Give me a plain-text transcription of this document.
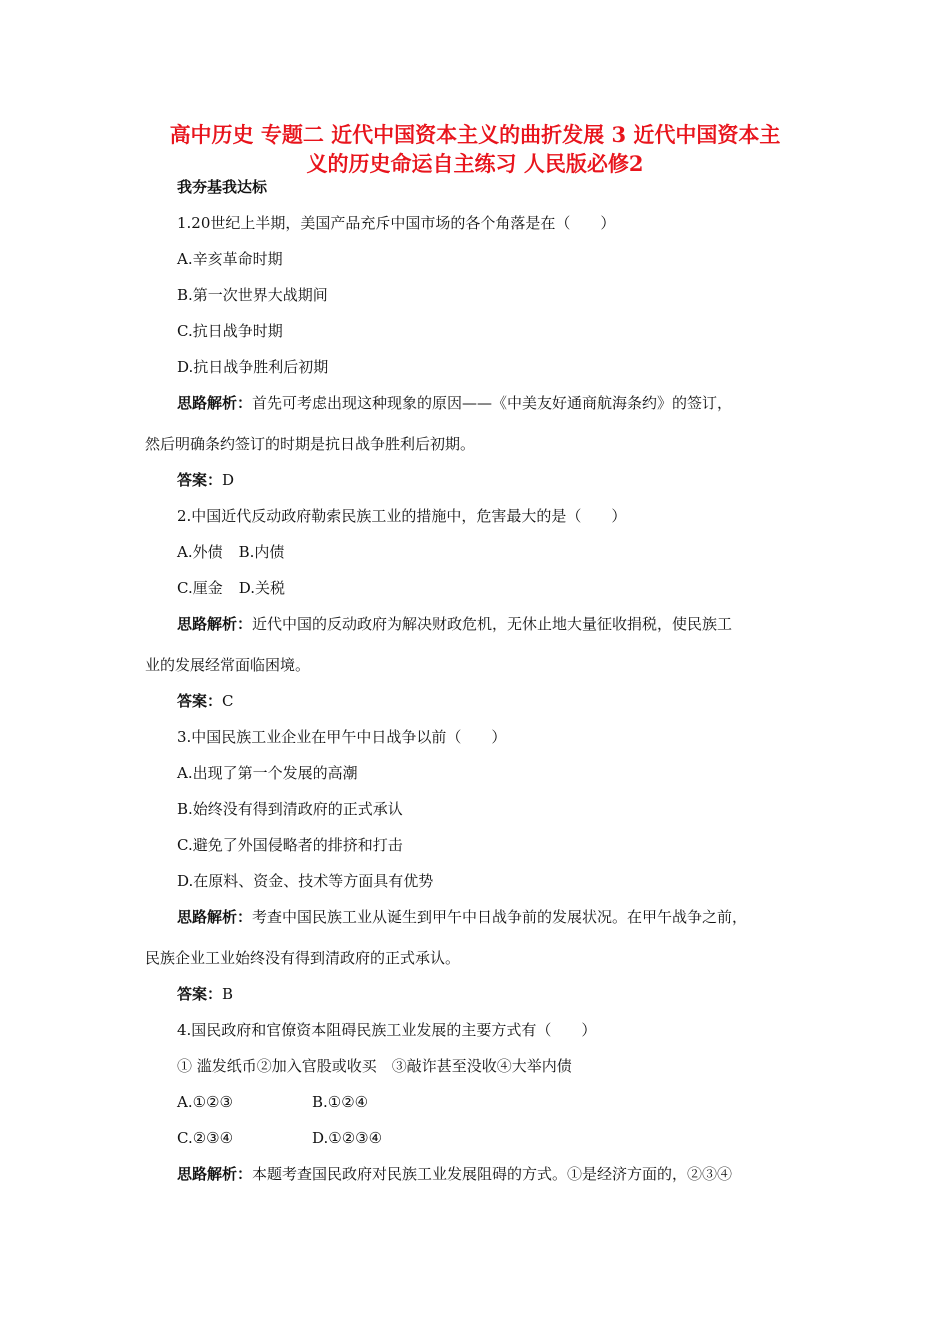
高中历史 专题二 近代中国资本主义的曲折发展 3 近代中国资本主
义的历史命运自主练习 人民版必修2
我夯基我达标
1.20世纪上半期，美国产品充斥中国市场的各个角落是在（　　）
A.辛亥革命时期
B.第一次世界大战期间
C.抗日战争时期
D.抗日战争胜利后初期
思路解析：首先可考虑出现这种现象的原因——《中美友好通商航海条约》的签订，
然后明确条约签订的时期是抗日战争胜利后初期。
答案：D
2.中国近代反动政府勒索民族工业的措施中，危害最大的是（　　）
A.外债 B.内债
C.厘金 D.关税
思路解析：近代中国的反动政府为解决财政危机，无休止地大量征收捐税，使民族工
业的发展经常面临困境。
答案：C
3.中国民族工业企业在甲午中日战争以前（　　）
A.出现了第一个发展的高潮
B.始终没有得到清政府的正式承认
C.避免了外国侵略者的排挤和打击
D.在原料、资金、技术等方面具有优势
思路解析：考查中国民族工业从诞生到甲午中日战争前的发展状况。在甲午战争之前，
民族企业工业始终没有得到清政府的正式承认。
答案：B
4.国民政府和官僚资本阻碍民族工业发展的主要方式有（　　）
① 滥发纸币②加入官股或收买　③敲诈甚至没收④大举内债
A.①②③	B.①②④
C.②③④	D.①②③④
思路解析：本题考查国民政府对民族工业发展阻碍的方式。①是经济方面的，②③④
